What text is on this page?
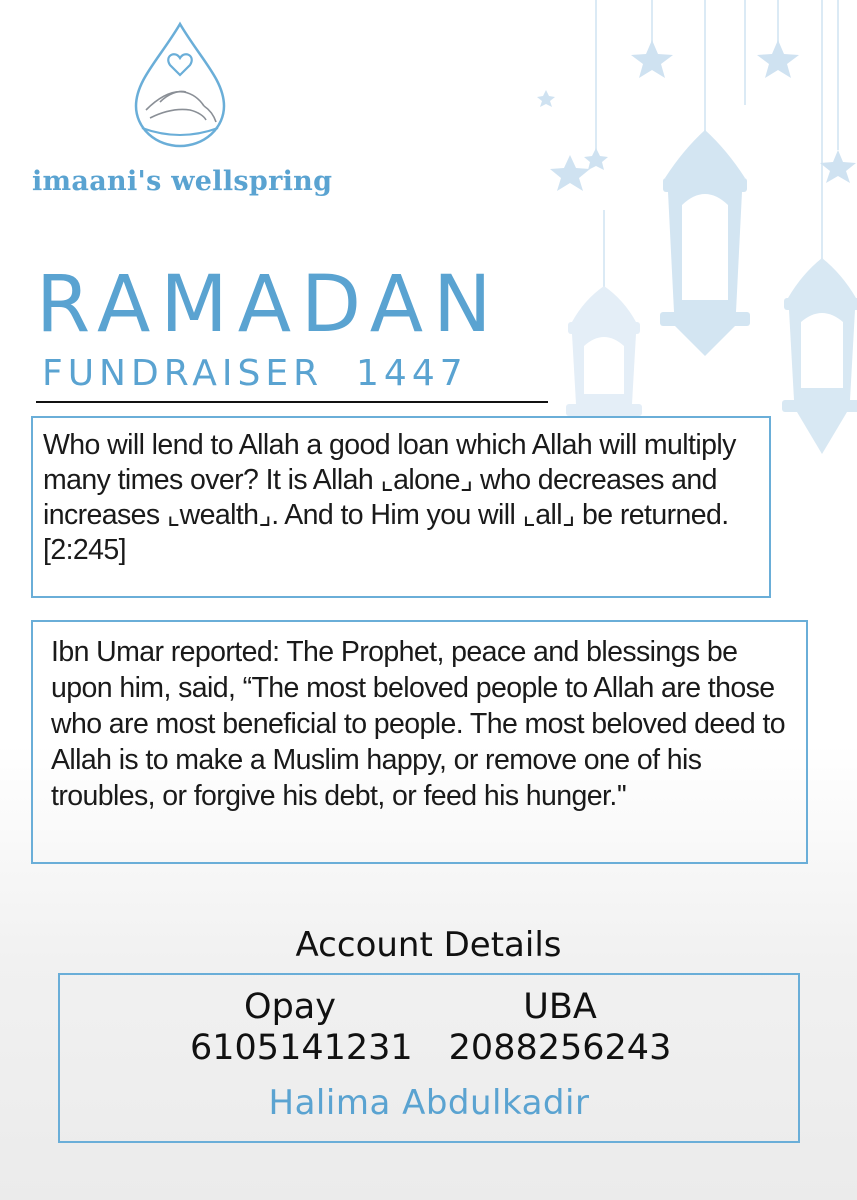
imaani's wellspring
RAMADAN
FUNDRAISER  1447
Who will lend to Allah a good loan which Allah will multiply many times over? It is Allah ⌞alone⌟ who decreases and increases ⌞wealth⌟. And to Him you will ⌞all⌟ be returned. [2:245]
Ibn Umar reported: The Prophet, peace and blessings be upon him, said, “The most beloved people to Allah are those who are most beneficial to people. The most beloved deed to Allah is to make a Muslim happy, or remove one of his troubles, or forgive his debt, or feed his hunger.''
Account Details
Opay
6105141231
UBA
2088256243
Halima Abdulkadir
